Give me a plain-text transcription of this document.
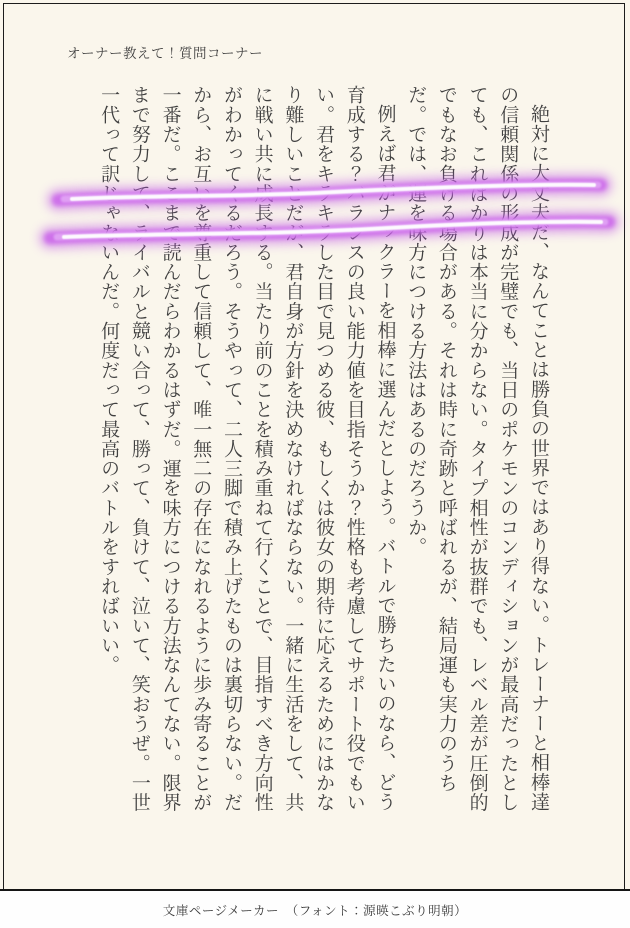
オーナー教えて！質問コーナー

絶対に大丈夫だ、なんてことは勝負の世界ではあり得ない。トレーナーと相棒達の信頼関係の形成が完璧でも、当日のポケモンのコンディションが最高だったとしても、こればかりは本当に分からない。タイプ相性が抜群でも、レベル差が圧倒的でもなお負ける場合がある。それは時に奇跡と呼ばれるが、結局運も実力のうちだ。では、運を味方につける方法はあるのだろうか。

例えば君がナックラーを相棒に選んだとしよう。バトルで勝ちたいのなら、どう育成する？バランスの良い能力値を目指そうか？性格も考慮してサポート役でもいい。君をキラキラした目で見つめる彼、もしくは彼女の期待に応えるためにはかなり難しいことだが、君自身が方針を決めなければならない。一緒に生活をして、共に戦い共に成長する。当たり前のことを積み重ねて行くことで、目指すべき方向性がわかってくるだろう。そうやって、二人三脚で積み上げたものは裏切らない。だから、お互いを尊重して信頼して、唯一無二の存在になれるように歩み寄ることが一番だ。ここまで読んだらわかるはずだ。運を味方につける方法なんてない。限界まで努力して、ライバルと競い合って、勝って、負けて、泣いて、笑おうぜ。一世一代って訳じゃないんだ。何度だって最高のバトルをすればいい。

文庫ページメーカー　（フォント：源暎こぶり明朝）
